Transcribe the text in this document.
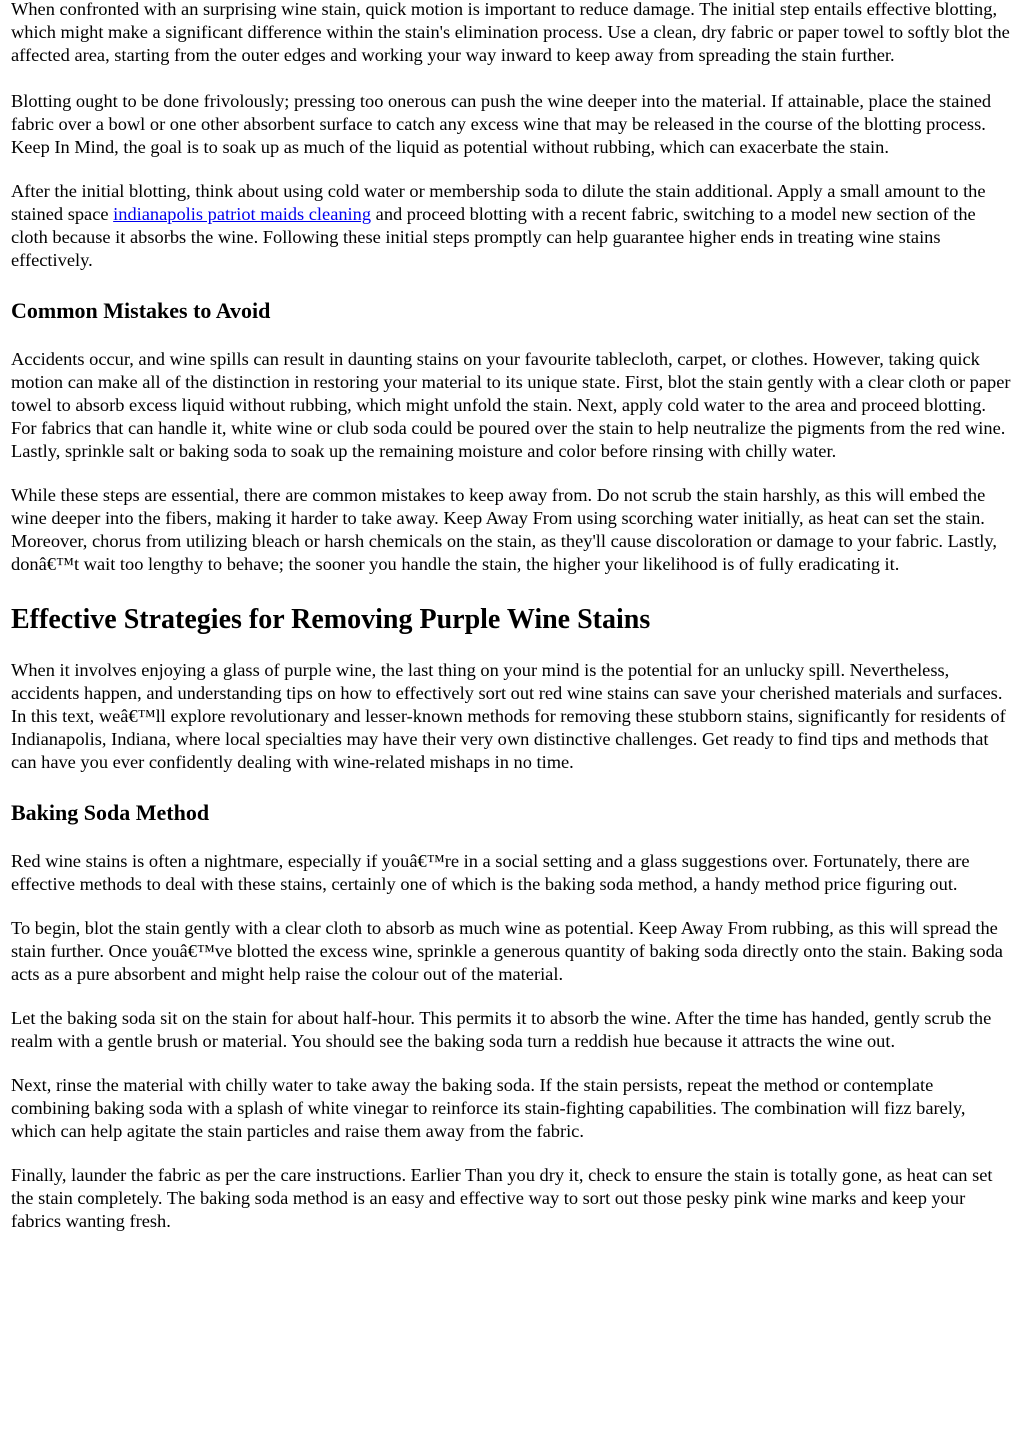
When confronted with an surprising wine stain, quick motion is important to reduce damage. The initial step entails effective blotting, which might make a significant difference within the stain's elimination process. Use a clean, dry fabric or paper towel to softly blot the affected area, starting from the outer edges and working your way inward to keep away from spreading the stain further.

Blotting ought to be done frivolously; pressing too onerous can push the wine deeper into the material. If attainable, place the stained fabric over a bowl or one other absorbent surface to catch any excess wine that may be released in the course of the blotting process. Keep In Mind, the goal is to soak up as much of the liquid as potential without rubbing, which can exacerbate the stain.

After the initial blotting, think about using cold water or membership soda to dilute the stain additional. Apply a small amount to the stained space indianapolis patriot maids cleaning and proceed blotting with a recent fabric, switching to a model new section of the cloth because it absorbs the wine. Following these initial steps promptly can help guarantee higher ends in treating wine stains effectively.

Common Mistakes to Avoid

Accidents occur, and wine spills can result in daunting stains on your favourite tablecloth, carpet, or clothes. However, taking quick motion can make all of the distinction in restoring your material to its unique state. First, blot the stain gently with a clear cloth or paper towel to absorb excess liquid without rubbing, which might unfold the stain. Next, apply cold water to the area and proceed blotting. For fabrics that can handle it, white wine or club soda could be poured over the stain to help neutralize the pigments from the red wine. Lastly, sprinkle salt or baking soda to soak up the remaining moisture and color before rinsing with chilly water.

While these steps are essential, there are common mistakes to keep away from. Do not scrub the stain harshly, as this will embed the wine deeper into the fibers, making it harder to take away. Keep Away From using scorching water initially, as heat can set the stain. Moreover, chorus from utilizing bleach or harsh chemicals on the stain, as they'll cause discoloration or damage to your fabric. Lastly, donâ€™t wait too lengthy to behave; the sooner you handle the stain, the higher your likelihood is of fully eradicating it.

Effective Strategies for Removing Purple Wine Stains

When it involves enjoying a glass of purple wine, the last thing on your mind is the potential for an unlucky spill. Nevertheless, accidents happen, and understanding tips on how to effectively sort out red wine stains can save your cherished materials and surfaces. In this text, weâ€™ll explore revolutionary and lesser-known methods for removing these stubborn stains, significantly for residents of Indianapolis, Indiana, where local specialties may have their very own distinctive challenges. Get ready to find tips and methods that can have you ever confidently dealing with wine-related mishaps in no time.

Baking Soda Method

Red wine stains is often a nightmare, especially if youâ€™re in a social setting and a glass suggestions over. Fortunately, there are effective methods to deal with these stains, certainly one of which is the baking soda method, a handy method price figuring out.

To begin, blot the stain gently with a clear cloth to absorb as much wine as potential. Keep Away From rubbing, as this will spread the stain further. Once youâ€™ve blotted the excess wine, sprinkle a generous quantity of baking soda directly onto the stain. Baking soda acts as a pure absorbent and might help raise the colour out of the material.

Let the baking soda sit on the stain for about half-hour. This permits it to absorb the wine. After the time has handed, gently scrub the realm with a gentle brush or material. You should see the baking soda turn a reddish hue because it attracts the wine out.

Next, rinse the material with chilly water to take away the baking soda. If the stain persists, repeat the method or contemplate combining baking soda with a splash of white vinegar to reinforce its stain-fighting capabilities. The combination will fizz barely, which can help agitate the stain particles and raise them away from the fabric.

Finally, launder the fabric as per the care instructions. Earlier Than you dry it, check to ensure the stain is totally gone, as heat can set the stain completely. The baking soda method is an easy and effective way to sort out those pesky pink wine marks and keep your fabrics wanting fresh.
